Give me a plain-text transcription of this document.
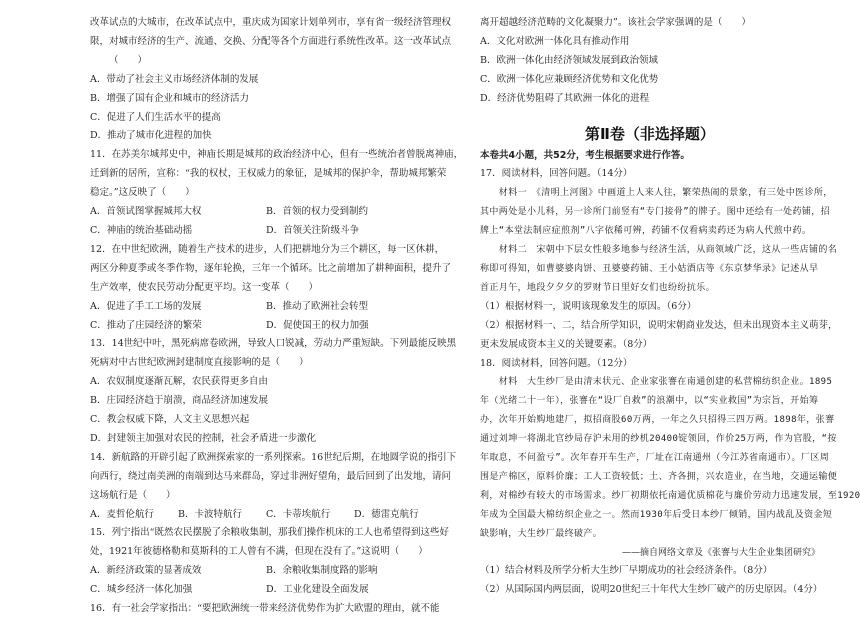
改革试点的大城市，在改革试点中，重庆成为国家计划单列市，享有省一级经济管理权
限，对城市经济的生产、流通、交换、分配等各个方面进行系统性改革。这一改革试点
（　　）
A．带动了社会主义市场经济体制的发展
B．增强了国有企业和城市的经济活力
C．促进了人们生活水平的提高
D．推动了城市化进程的加快
11．在苏美尔城邦史中，神庙长期是城邦的政治经济中心，但有一些统治者曾脱离神庙，
迁到新的居所，宣称：“我的权杖，王权威力的象征，是城邦的保护伞，帮助城邦繁荣
稳定。”这反映了（　　）
A．首领试图掌握城邦大权	B．首领的权力受到制约
C．神庙的统治基础动摇	D．首领关注阶级斗争
12．在中世纪欧洲，随着生产技术的进步，人们把耕地分为三个耕区，每一区休耕，
两区分种夏季或冬季作物，逐年轮换，三年一个循环。比之前增加了耕种面积，提升了
生产效率，使农民劳动分配更平均。这一变革（　　）
A．促进了手工工场的发展	B．推动了欧洲社会转型
C．推动了庄园经济的繁荣	D．促使国王的权力加强
13．14世纪中叶，黑死病席卷欧洲，导致人口锐减，劳动力严重短缺。下列最能反映黑
死病对中古世纪欧洲封建制度直接影响的是（　　）
A．农奴制度逐渐瓦解，农民获得更多自由
B．庄园经济趋于崩溃，商品经济加速发展
C．教会权威下降，人文主义思想兴起
D．封建领主加强对农民的控制，社会矛盾进一步激化
14．新航路的开辟引起了欧洲探索家的一系列探索。16世纪后期，在地圆学说的指引下
向西行，绕过南美洲的南端到达马来群岛，穿过非洲好望角，最后回到了出发地，请问
这场航行是（　　）
A．麦哲伦航行	B．卡波特航行	C．卡蒂埃航行 D．德雷克航行
15．列宁指出“既然农民摆脱了余粮收集制，那我们操作机床的工人也希望得到这些好
处，1921年彼德格勒和莫斯科的工人曾有不满，但现在没有了。”这说明（　　）
A．新经济政策的显著成效	B．余粮收集制度路的影响
C．城乡经济一体化加强	D．工业化建设全面发展
16．有一社会学家指出：“要把欧洲统一带来经济优势作为扩大欧盟的理由，就不能
离开超越经济范畴的文化凝聚力”。该社会学家强调的是（　　）
A．文化对欧洲一体化具有推动作用
B．欧洲一体化由经济领域发展到政治领域
C．欧洲一体化应兼顾经济优势和文化优势
D．经济优势阻碍了其欧洲一体化的进程
第Ⅱ卷（非选择题）
本卷共4小题，共52分，考生根据要求进行作答。
17．阅读材料，回答问题。（14分）
　　材料一　《清明上河图》中画道上人来人往，繁荣热闹的景象，有三处中医诊所，
其中两处是小儿科，另一诊所门前竖有“专门接骨”的牌子。图中还绘有一处药铺，招
牌上“本堂法制应症煎剂”八字依稀可辨，药铺不仅看病卖药还为病人代煎中药。
　　材料二　宋朝中下层女性般多地参与经济生活，从商领域广泛，这从一些店铺的名
称即可得知，如曹婆婆肉饼、丑婆婆药铺、王小姑酒店等《东京梦华录》记述从早
首正月午，地段夕夕夕的罗财节日里好女们也纷纷抗乐。
（1）根据材料一，说明该现象发生的原因。（6分）
（2）根据材料一、二，结合所学知识，说明宋朝商业发达，但未出现资本主义萌芽，
更未发展成资本主义的关键要素。（8分）
18．阅读材料，回答问题。（12分）
　　材料　大生纱厂是由清末状元、企业家张謇在南通创建的私营棉纺织企业。1895
年（光绪二十一年），张謇在“设厂自救”的浪潮中，以“实业救国”为宗旨，开始筹
办，次年开始购地建厂，拟招商股60万两，一年之久只招得三四万两。1898年，张謇
通过刘坤一将湖北官纱局存沪未用的纱机20400锭领回，作价25万两，作为官股，“按
年取息，不问盈亏”。次年春开车生产，厂址在江南通州（今江苏省南通市）。厂区周
围是产棉区，原料价廉；工人工资较低；土、齐各拥，兴农造业，在当地，交通运输便
利，对棉纱有较大的市场需求。纱厂初期依托南通优质棉花与廉价劳动力迅速发展，至1920
年成为全国最大棉纺织企业之一。然而1930年后受日本纱厂倾销，国内战乱及资金短
缺影响，大生纱厂最终破产。
——摘自网络文章及《张謇与大生企业集团研究》
（1）结合材料及所学分析大生纱厂早期成功的社会经济条件。（8分）
（2）从国际国内两层面，说明20世纪三十年代大生纱厂破产的历史原因。（4分）
